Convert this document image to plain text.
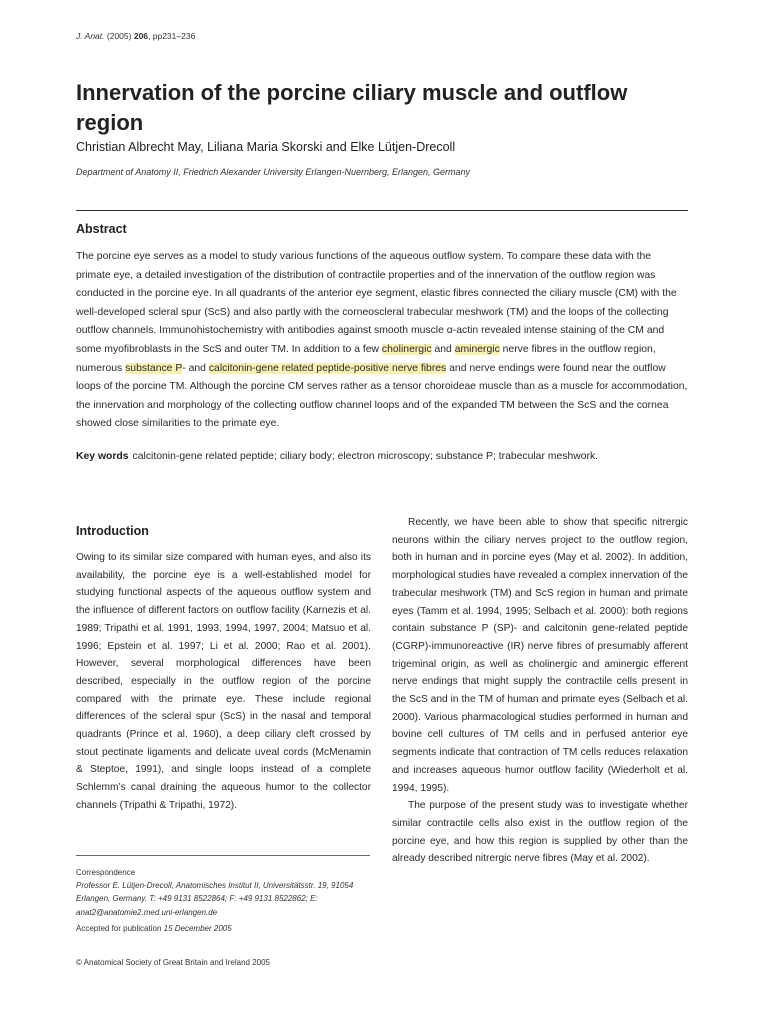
J. Anat. (2005) 206, pp231–236
Innervation of the porcine ciliary muscle and outflow region
Christian Albrecht May, Liliana Maria Skorski and Elke Lütjen-Drecoll
Department of Anatomy II, Friedrich Alexander University Erlangen-Nuernberg, Erlangen, Germany
Abstract
The porcine eye serves as a model to study various functions of the aqueous outflow system. To compare these data with the primate eye, a detailed investigation of the distribution of contractile properties and of the innervation of the outflow region was conducted in the porcine eye. In all quadrants of the anterior eye segment, elastic fibres connected the ciliary muscle (CM) with the well-developed scleral spur (ScS) and also partly with the corneoscleral trabecular meshwork (TM) and the loops of the collecting outflow channels. Immunohistochemistry with antibodies against smooth muscle α-actin revealed intense staining of the CM and some myofibroblasts in the ScS and outer TM. In addition to a few cholinergic and aminergic nerve fibres in the outflow region, numerous substance P- and calcitonin-gene related peptide-positive nerve fibres and nerve endings were found near the outflow loops of the porcine TM. Although the porcine CM serves rather as a tensor choroideae muscle than as a muscle for accommodation, the innervation and morphology of the collecting outflow channel loops and of the expanded TM between the ScS and the cornea showed close similarities to the primate eye.
Key words calcitonin-gene related peptide; ciliary body; electron microscopy; substance P; trabecular meshwork.
Introduction
Owing to its similar size compared with human eyes, and also its availability, the porcine eye is a well-established model for studying functional aspects of the aqueous outflow system and the influence of different factors on outflow facility (Karnezis et al. 1989; Tripathi et al. 1991, 1993, 1994, 1997, 2004; Matsuo et al. 1996; Epstein et al. 1997; Li et al. 2000; Rao et al. 2001). However, several morphological differences have been described, especially in the outflow region of the porcine compared with the primate eye. These include regional differences of the scleral spur (ScS) in the nasal and temporal quadrants (Prince et al. 1960), a deep ciliary cleft crossed by stout pectinate ligaments and delicate uveal cords (McMenamin & Steptoe, 1991), and single loops instead of a complete Schlemm’s canal draining the aqueous humor to the collector channels (Tripathi & Tripathi, 1972).

Recently, we have been able to show that specific nitrergic neurons within the ciliary nerves project to the outflow region, both in human and in porcine eyes (May et al. 2002). In addition, morphological studies have revealed a complex innervation of the trabecular meshwork (TM) and ScS region in human and primate eyes (Tamm et al. 1994, 1995; Selbach et al. 2000): both regions contain substance P (SP)- and calcitonin gene-related peptide (CGRP)-immunoreactive (IR) nerve fibres of presumably afferent trigeminal origin, as well as cholinergic and aminergic efferent nerve endings that might supply the contractile cells present in the ScS and in the TM of human and primate eyes (Selbach et al. 2000). Various pharmacological studies performed in human and bovine cell cultures of TM cells and in perfused anterior eye segments indicate that contraction of TM cells reduces relaxation and increases aqueous humor outflow facility (Wiederholt et al. 1994, 1995).

The purpose of the present study was to investigate whether similar contractile cells also exist in the outflow region of the porcine eye, and how this region is supplied by other than the already described nitrergic nerve fibres (May et al. 2002).

Correspondence
Professor E. Lütjen-Drecoll, Anatomisches Institut II, Universitätsstr. 19, 91054 Erlangen, Germany. T: +49 9131 8522864; F: +49 9131 8522862; E: anat2@anatomie2.med.uni-erlangen.de
Accepted for publication 15 December 2005
© Anatomical Society of Great Britain and Ireland 2005
